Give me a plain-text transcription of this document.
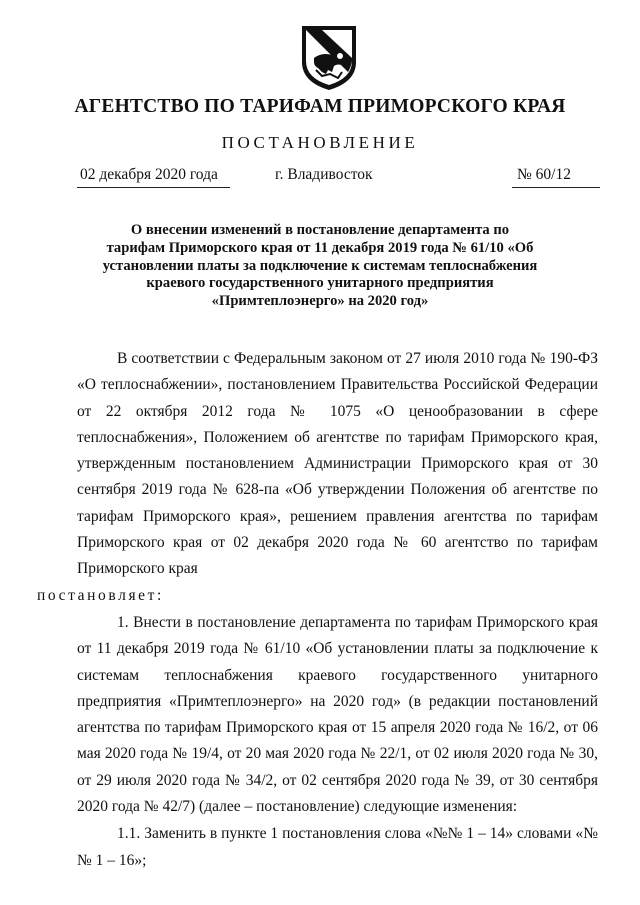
АГЕНТСТВО ПО ТАРИФАМ ПРИМОРСКОГО КРАЯ
ПОСТАНОВЛЕНИЕ
02 декабря 2020 года	г. Владивосток	№ 60/12
О внесении изменений в постановление департамента по тарифам Приморского края от 11 декабря 2019 года № 61/10 «Об установлении платы за подключение к системам теплоснабжения краевого государственного унитарного предприятия «Примтеплоэнерго» на 2020 год»

В соответствии с Федеральным законом от 27 июля 2010 года № 190-ФЗ «О теплоснабжении», постановлением Правительства Российской Федерации от 22 октября 2012 года № 1075 «О ценообразовании в сфере теплоснабжения», Положением об агентстве по тарифам Приморского края, утвержденным постановлением Администрации Приморского края от 30 сентября 2019 года № 628-па «Об утверждении Положения об агентстве по тарифам Приморского края», решением правления агентства по тарифам Приморского края от 02 декабря 2020 года № 60 агентство по тарифам Приморского края
постановляет:

1. Внести в постановление департамента по тарифам Приморского края от 11 декабря 2019 года № 61/10 «Об установлении платы за подключение к системам теплоснабжения краевого государственного унитарного предприятия «Примтеплоэнерго» на 2020 год» (в редакции постановлений агентства по тарифам Приморского края от 15 апреля 2020 года № 16/2, от 06 мая 2020 года № 19/4, от 20 мая 2020 года № 22/1, от 02 июля 2020 года № 30, от 29 июля 2020 года № 34/2, от 02 сентября 2020 года № 39, от 30 сентября 2020 года № 42/7) (далее – постановление) следующие изменения:

1.1. Заменить в пункте 1 постановления слова «№№ 1 – 14» словами «№№ 1 – 16»;
